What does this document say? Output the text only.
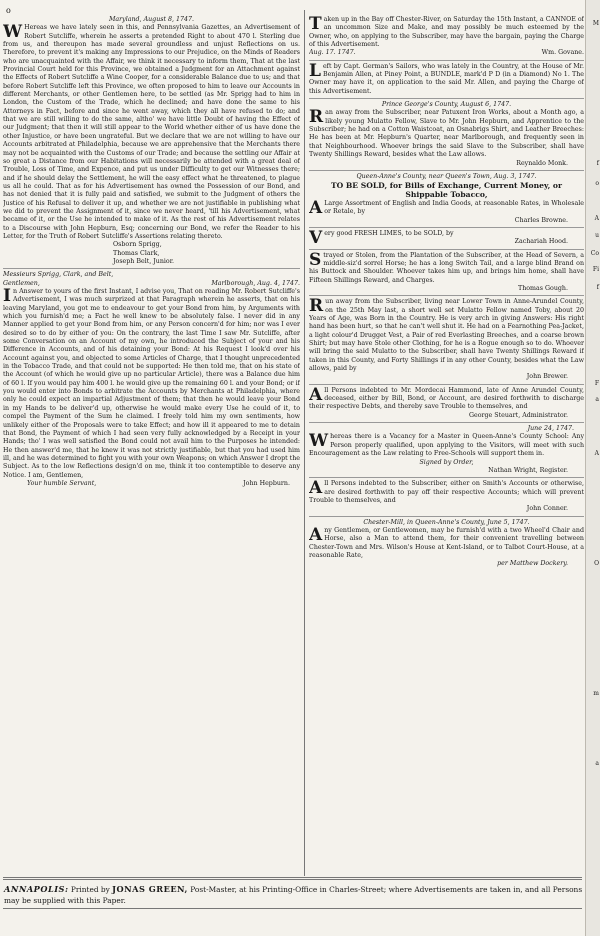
o
Maryland, August 8, 1747.

W Hereas we have lately seen in this, and Pennsylvania Gazettes, an Advertisement of Robert Sutcliffe, wherein he asserts a pretended Right to about 470 l. Sterling due from us, and thereupon has made several groundless and unjust Reflections on us. Therefore, to prevent it's making any Impressions to our Prejudice, on the Minds of Readers who are unacquainted with the Affair, we think it necessary to inform them, That at the last Provincial Court held for this Province, we obtained a Judgment for an Attachment against the Effects of Robert Sutcliffe a Wine Cooper, for a considerable Balance due to us; and that before Robert Sutcliffe left this Province, we often proposed to him to leave our Accounts in different Merchants, or other Gentlemen here, to be settled (as Mr. Sprigg had to him in London, the Custom of the Trade, which he declined; and have done the same to his Attorneys in Fact, before and since he went away, which they all have refused to do; and that we are still willing to do the same, altho' we have little Doubt of having the Effect of our Judgment; that then it will still appear to the World whether either of us have done the other Injustice, or have been ungrateful. But we declare that we are not willing to have our Accounts arbitrated at Philadelphia, because we are apprehensive that the Merchants there may not be acquainted with the Customs of our Trade; and because the settling our Affair at so great a Distance from our Habitations will necessarily be attended with a great deal of Trouble, Loss of Time, and Expence, and put us under Difficulty to get our Witnesses there; and if he should delay the Settlement, he will the easy effect what he threatened, to plague us all he could. That as for his Advertisement has owned the Possession of our Bond, and has not denied that it is fully paid and satisfied, we submit to the Judgment of others the Justice of his Refusal to deliver it up, and whether we are not justifiable in publishing what we did to prevent the Assignment of it, since we never heard, 'till his Advertisement, what became of it, or the Use he intended to make of it. As the rest of his Advertisement relates to a Discourse with John Hepburn, Esq; concerning our Bond, we refer the Reader to his Letter, for the Truth of Robert Sutcliffe's Assertions relating thereto.

Osborn Sprigg,
Thomas Clark,
Joseph Belt, Junior.
Messieurs Sprigg, Clark, and Belt,
Gentlemen,	Marlborough, Aug. 4, 1747.

In Answer to yours of the first Instant, I advise you, That on reading Mr. Robert Sutcliffe's Advertisement, I was much surprized at that Paragraph wherein he asserts, that on his leaving Maryland, you got me to endeavour to get your Bond from him, by Arguments with which you furnish'd me; a Fact he well knew to be absolutely false. I never did in any Manner applied to get your Bond from him, or any Person concern'd for him; nor was I ever desired so to do by either of you: On the contrary, the last Time I saw Mr. Sutcliffe, after some Conversation on an Account of my own, he introduced the Subject of your and his Difference in Accounts, and of his detaining your Bond: At his Request I look'd over his Account against you, and objected to some Articles of Charge, that I thought unprecedented in the Tobacco Trade, and that could not be supported: He then told me, that on his state of the Account (of which he would give up no particular Article), there was a Balance due him of 60 l. If you would pay him 400 l. he would give up the remaining 60 l. and your Bond; or if you would enter into Bonds to arbitrate the Accounts by Merchants at Philadelphia, where only he could expect an impartial Adjustment of them; that then he would leave your Bond in my Hands to be deliver'd up, otherwise he would make every Use he could of it, to compel the Payment of the Sum he claimed. I freely told him my own sentiments, how unlikely either of the Proposals were to take Effect; and how ill it appeared to me to detain that Bond, the Payment of which I had seen very fully acknowledged by a Receipt in your Hands; tho' I was well satisfied the Bond could not avail him to the Purposes he intended: He then answer'd me, that he knew it was not strictly justifiable, but that you had used him ill, and he was determined to fight you with your own Weapons; on which Answer I dropt the Subject. As to the low Reflections design'd on me, think it too contemptible to deserve any Notice. I am, Gentlemen,

Your humble Servant,	John Hepburn.

Taken up in the Bay off Chester-River, on Saturday the 15th Instant, a CANNOE of an uncommon Size and Make, and may possibly be much esteemed by the Owner, who, on applying to the Subscriber, may have the bargain, paying the Charge of this Advertisement.

Aug. 17. 1747.	Wm. Govane.

Left by Capt. German's Sailors, who was lately in the Country, at the House of Mr. Benjamin Allen, at Piney Point, a BUNDLE, mark'd P D (in a Diamond) No 1. The Owner may have it, on application to the said Mr. Allen, and paying the Charge of this Advertisement.

Prince George's County, August 6, 1747.

Ran away from the Subscriber, near Patuxent Iron Works, about a Month ago, a likely young Mulatto Fellow, Slave to Mr. John Hepburn, and Apprentice to the Subscriber; he had on a Cotton Waistcoat, an Osnabrigs Shirt, and Leather Breeches: He has been at Mr. Hepburn's Quarter, near Marlborough, and frequently seen in that Neighbourhood. Whoever brings the said Slave to the Subscriber, shall have Twenty Shillings Reward, besides what the Law allows.

Reynaldo Monk.
Queen-Anne's County, near Queen's Town, Aug. 3, 1747.
TO BE SOLD, for Bills of Exchange, Current Money, or Shippable Tobacco,

A Large Assortment of English and India Goods, at reasonable Rates, in Wholesale or Retale, by

Charles Browne.

Very good FRESH LIMES, to be SOLD, by

Zachariah Hood.

Strayed or Stolen, from the Plantation of the Subscriber, at the Head of Severn, a middle-siz'd sorrel Horse; he has a long Switch Tail, and a large blind Brand on his Buttock and Shoulder. Whoever takes him up, and brings him home, shall have Fifteen Shillings Reward, and Charges.

Thomas Gough.

Run away from the Subscriber, living near Lower Town in Anne-Arundel County, on the 25th May last, a short well set Mulatto Fellow named Toby, about 20 Years of Age, was Born in the Country. He is very arch in giving Answers: His right hand has been hurt, so that he can't well shut it. He had on a Fearnothing Pea-Jacket, a light colour'd Drugget Vest, a Pair of red Everlasting Breeches, and a coarse brown Shirt; but may have Stole other Clothing, for he is a Rogue enough so to do. Whoever will bring the said Mulatto to the Subscriber, shall have Twenty Shillings Reward if taken in this County, and Forty Shillings if in any other County, besides what the Law allows, paid by

John Brewer.

All Persons indebted to Mr. Mordecai Hammond, late of Anne Arundel County, deceased, either by Bill, Bond, or Account, are desired forthwith to discharge their respective Debts, and thereby save Trouble to themselves, and

George Steuart, Administrator.
June 24, 1747.

Whereas there is a Vacancy for a Master in Queen-Anne's County School: Any Person properly qualified, upon applying to the Visitors, will meet with such Encouragement as the Law relating to Free-Schools will support them in.

Signed by Order,
Nathan Wright, Register.

All Persons indebted to the Subscriber, either on Smith's Accounts or otherwise, are desired forthwith to pay off their respective Accounts; which will prevent Trouble to themselves, and

John Conner.
Chester-Mill, in Queen-Anne's County, June 5, 1747.

Any Gentlemen, or Gentlewomen, may be furnish'd with a two Wheel'd Chair and Horse, also a Man to attend them, for their convenient travelling between Chester-Town and Mrs. Wilson's House at Kent-Island, or to Talbot Court-House, at a reasonable Rate,

per Matthew Dockery.
M
f
o
A
u
Co
Fi
f
F
a
A
O
m
a
ANNAPOLIS: Printed by JONAS GREEN, Post-Master, at his Printing-Office in Charles-Street; where Advertisements are taken in, and all Persons may be supplied with this Paper.
